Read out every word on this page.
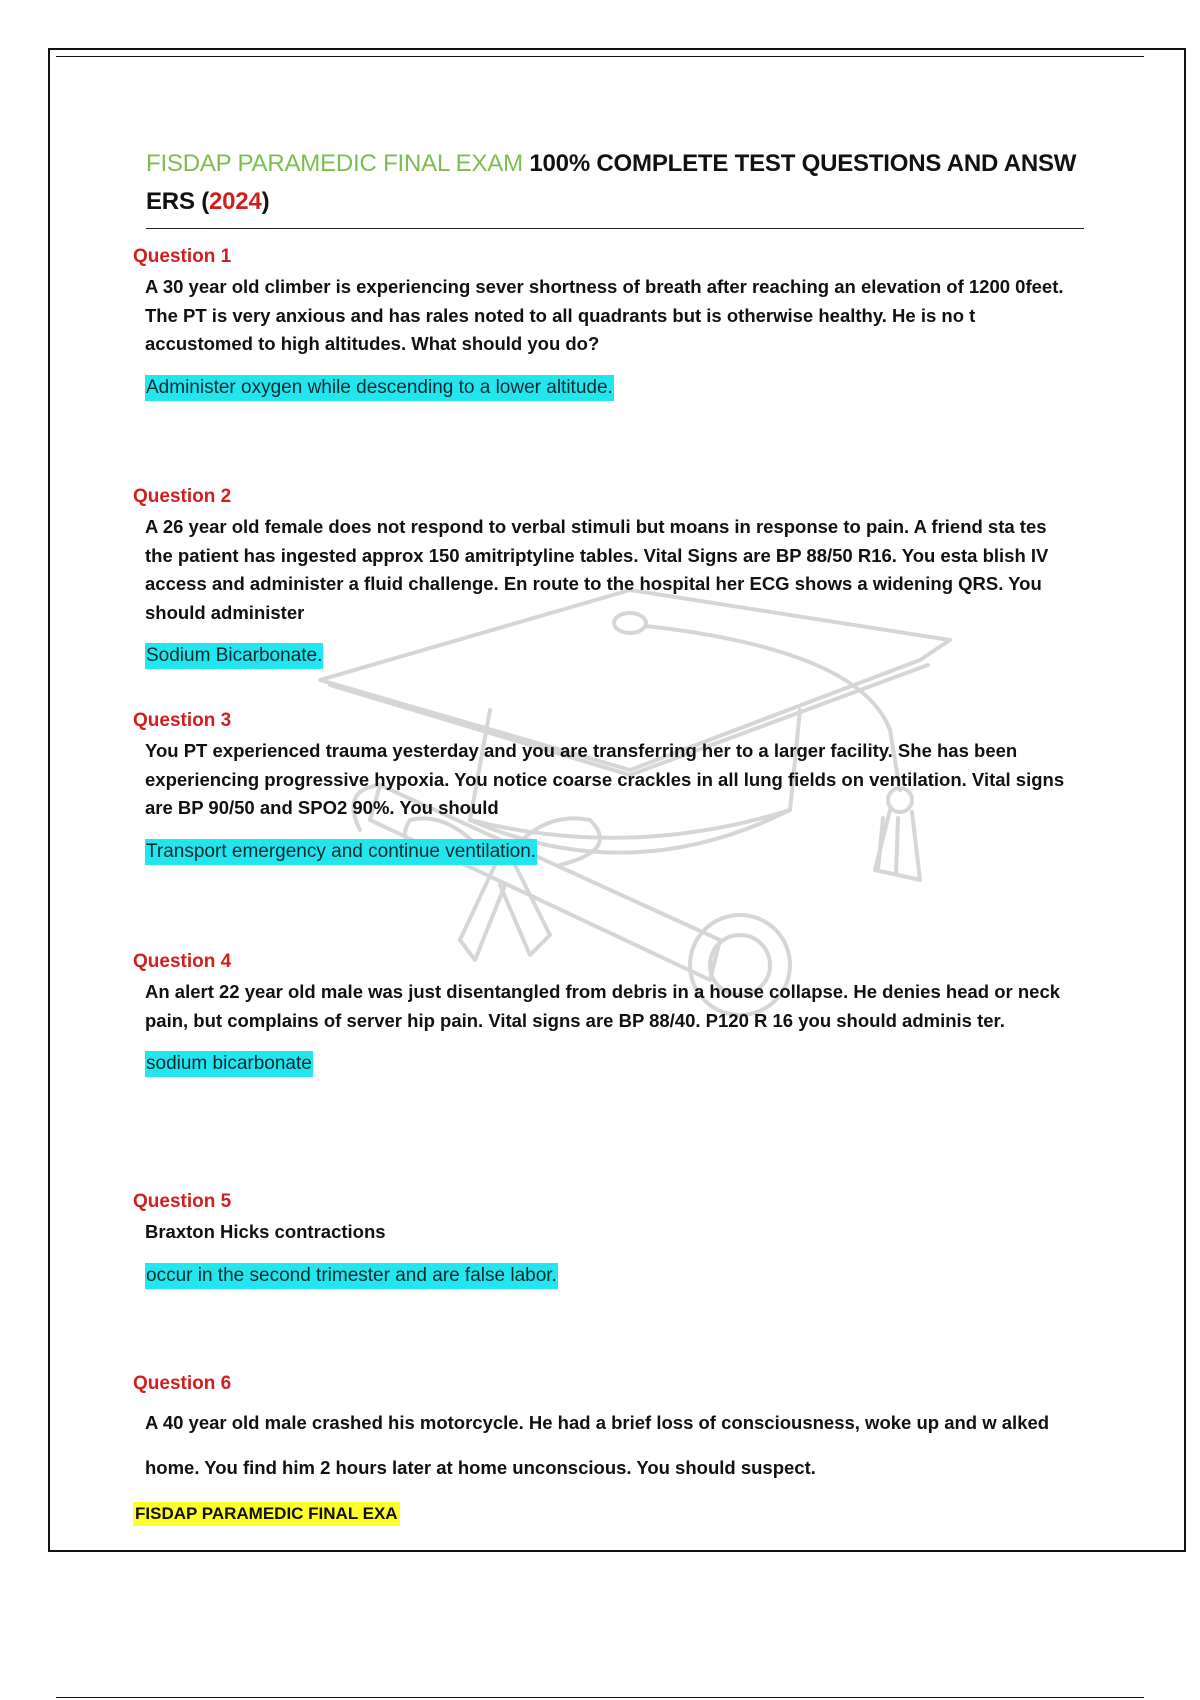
FISDAP PARAMEDIC FINAL EXAM 100% COMPLETE TEST QUESTIONS AND ANSW ERS (2024)

Question 1

A 30 year old climber is experiencing sever shortness of breath after reaching an elevation of 1200 0feet. The PT is very anxious and has rales noted to all quadrants but is otherwise healthy. He is no t accustomed to high altitudes. What should you do?
Administer oxygen while descending to a lower altitude.

Question 2

A 26 year old female does not respond to verbal stimuli but moans in response to pain. A friend sta tes the patient has ingested approx 150 amitriptyline tables. Vital Signs are BP 88/50 R16. You esta blish IV access and administer a fluid challenge. En route to the hospital her ECG shows a widening QRS. You should administer
Sodium Bicarbonate.

Question 3

You PT experienced trauma yesterday and you are transferring her to a larger facility. She has been experiencing progressive hypoxia. You notice coarse crackles in all lung fields on ventilation. Vital signs are BP 90/50 and SPO2 90%. You should
Transport emergency and continue ventilation.

Question 4

An alert 22 year old male was just disentangled from debris in a house collapse. He denies head or neck pain, but complains of server hip pain. Vital signs are BP 88/40. P120 R 16 you should adminis ter.
sodium bicarbonate

Question 5

Braxton Hicks contractions
occur in the second trimester and are false labor.

Question 6

A 40 year old male crashed his motorcycle. He had a brief loss of consciousness, woke up and w alked home. You find him 2 hours later at home unconscious. You should suspect.
FISDAP PARAMEDIC FINAL EXA
